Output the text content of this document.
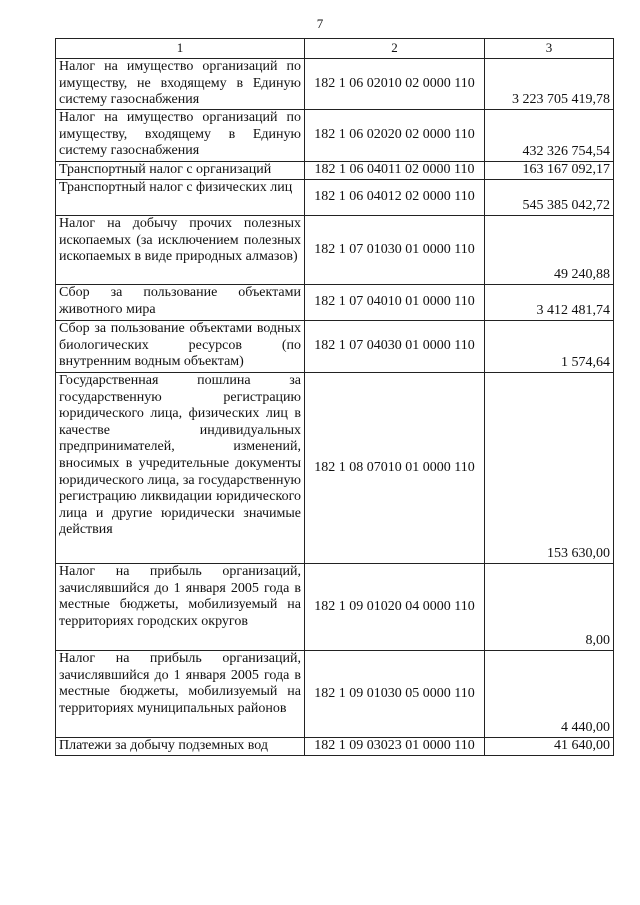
7
1	2	3
Налог на имущество организаций по имуществу, не входящему в Единую систему газоснабжения	182 1 06 02010 02 0000 110	3 223 705 419,78
Налог на имущество организаций по имуществу, входящему в Единую систему газоснабжения	182 1 06 02020 02 0000 110	432 326 754,54
Транспортный налог с организаций	182 1 06 04011 02 0000 110	163 167 092,17
Транспортный налог с физических лиц	182 1 06 04012 02 0000 110	545 385 042,72
Налог на добычу прочих полезных ископаемых (за исключением полезных ископаемых в виде природных алмазов)	182 1 07 01030 01 0000 110	49 240,88
Сбор за пользование объектами животного мира	182 1 07 04010 01 0000 110	3 412 481,74
Сбор за пользование объектами водных биологических ресурсов (по внутренним водным объектам)	182 1 07 04030 01 0000 110	1 574,64
Государственная пошлина за государственную регистрацию юридического лица, физических лиц в качестве индивидуальных предпринимателей, изменений, вносимых в учредительные документы юридического лица, за государственную регистрацию ликвидации юридического лица и другие юридически значимые действия	182 1 08 07010 01 0000 110	153 630,00
Налог на прибыль организаций, зачислявшийся до 1 января 2005 года в местные бюджеты, мобилизуемый на территориях городских округов	182 1 09 01020 04 0000 110	8,00
Налог на прибыль организаций, зачислявшийся до 1 января 2005 года в местные бюджеты, мобилизуемый на территориях муниципальных районов	182 1 09 01030 05 0000 110	4 440,00
Платежи за добычу подземных вод	182 1 09 03023 01 0000 110	41 640,00
